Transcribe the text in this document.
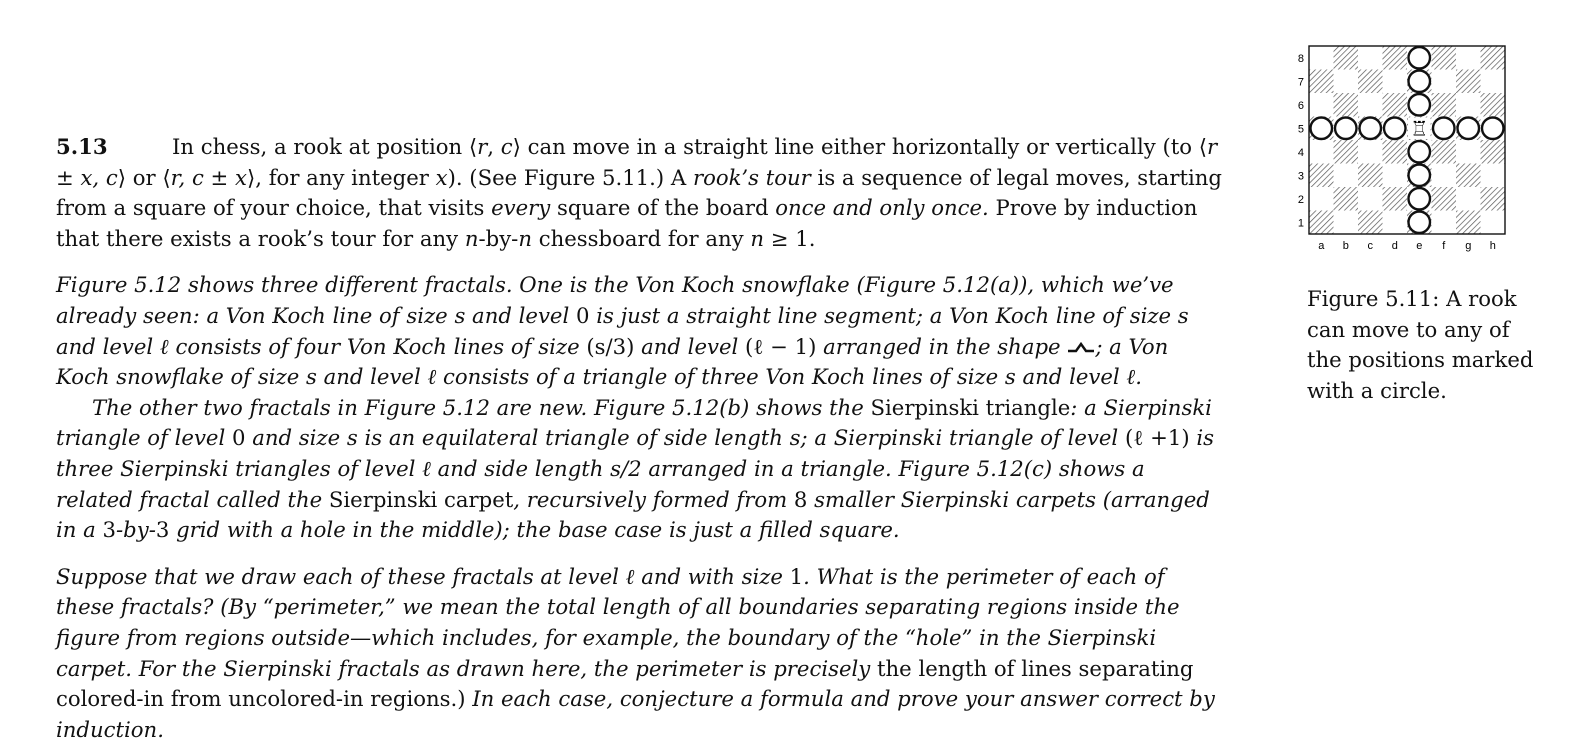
5.13	In chess, a rook at position ⟨r, c⟩ can move in a straight line either horizontally or vertically (to ⟨r ± x, c⟩ or ⟨r, c ± x⟩, for any integer x). (See Figure 5.11.) A rook’s tour is a sequence of legal moves, starting from a square of your choice, that visits every square of the board once and only once. Prove by induction that there exists a rook’s tour for any n-by-n chessboard for any n ≥ 1.

Figure 5.12 shows three different fractals. One is the Von Koch snowflake (Figure 5.12(a)), which we’ve already seen: a Von Koch line of size s and level 0 is just a straight line segment; a Von Koch line of size s and level ℓ consists of four Von Koch lines of size (s/3) and level (ℓ − 1) arranged in the shape ; a Von Koch snowflake of size s and level ℓ consists of a triangle of three Von Koch lines of size s and level ℓ.

The other two fractals in Figure 5.12 are new. Figure 5.12(b) shows the Sierpinski triangle: a Sierpinski triangle of level 0 and size s is an equilateral triangle of side length s; a Sierpinski triangle of level (ℓ +1) is three Sierpinski triangles of level ℓ and side length s/2 arranged in a triangle. Figure 5.12(c) shows a related fractal called the Sierpinski carpet, recursively formed from 8 smaller Sierpinski carpets (arranged in a 3-by-3 grid with a hole in the middle); the base case is just a filled square.

Suppose that we draw each of these fractals at level ℓ and with size 1. What is the perimeter of each of these fractals? (By “perimeter,” we mean the total length of all boundaries separating regions inside the figure from regions outside—which includes, for example, the boundary of the “hole” in the Sierpinski carpet. For the Sierpinski fractals as drawn here, the perimeter is precisely the length of lines separating colored-in from uncolored-in regions.) In each case, conjecture a formula and prove your answer correct by induction.

♖
8
7
6
5
4
3
2
1
a b c d e f g h
Figure 5.11: A rook can move to any of the positions marked with a circle.
